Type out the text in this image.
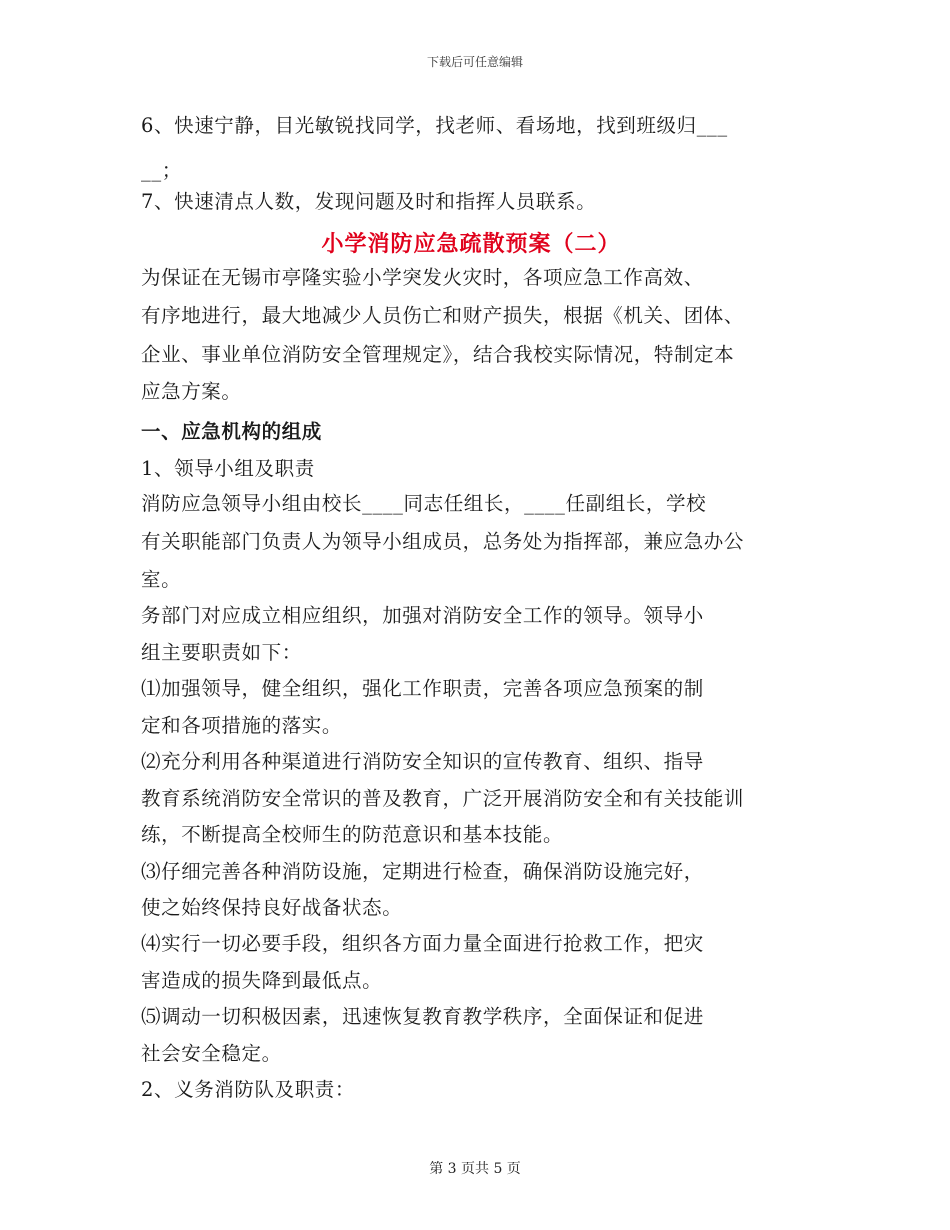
下载后可任意编辑
6、快速宁静，目光敏锐找同学，找老师、看场地，找到班级归___
__；
7、快速清点人数，发现问题及时和指挥人员联系。
小学消防应急疏散预案（二）
为保证在无锡市亭隆实验小学突发火灾时，各项应急工作高效、
有序地进行，最大地减少人员伤亡和财产损失，根据《机关、团体、
企业、事业单位消防安全管理规定》，结合我校实际情况，特制定本
应急方案。
一、应急机构的组成
1、领导小组及职责
消防应急领导小组由校长____同志任组长，____任副组长，学校
有关职能部门负责人为领导小组成员，总务处为指挥部，兼应急办公
室。
务部门对应成立相应组织，加强对消防安全工作的领导。领导小
组主要职责如下：
⑴加强领导，健全组织，强化工作职责，完善各项应急预案的制
定和各项措施的落实。
⑵充分利用各种渠道进行消防安全知识的宣传教育、组织、指导
教育系统消防安全常识的普及教育，广泛开展消防安全和有关技能训
练，不断提高全校师生的防范意识和基本技能。
⑶仔细完善各种消防设施，定期进行检查，确保消防设施完好，
使之始终保持良好战备状态。
⑷实行一切必要手段，组织各方面力量全面进行抢救工作，把灾
害造成的损失降到最低点。
⑸调动一切积极因素，迅速恢复教育教学秩序，全面保证和促进
社会安全稳定。
2、义务消防队及职责：
第 3 页共 5 页
